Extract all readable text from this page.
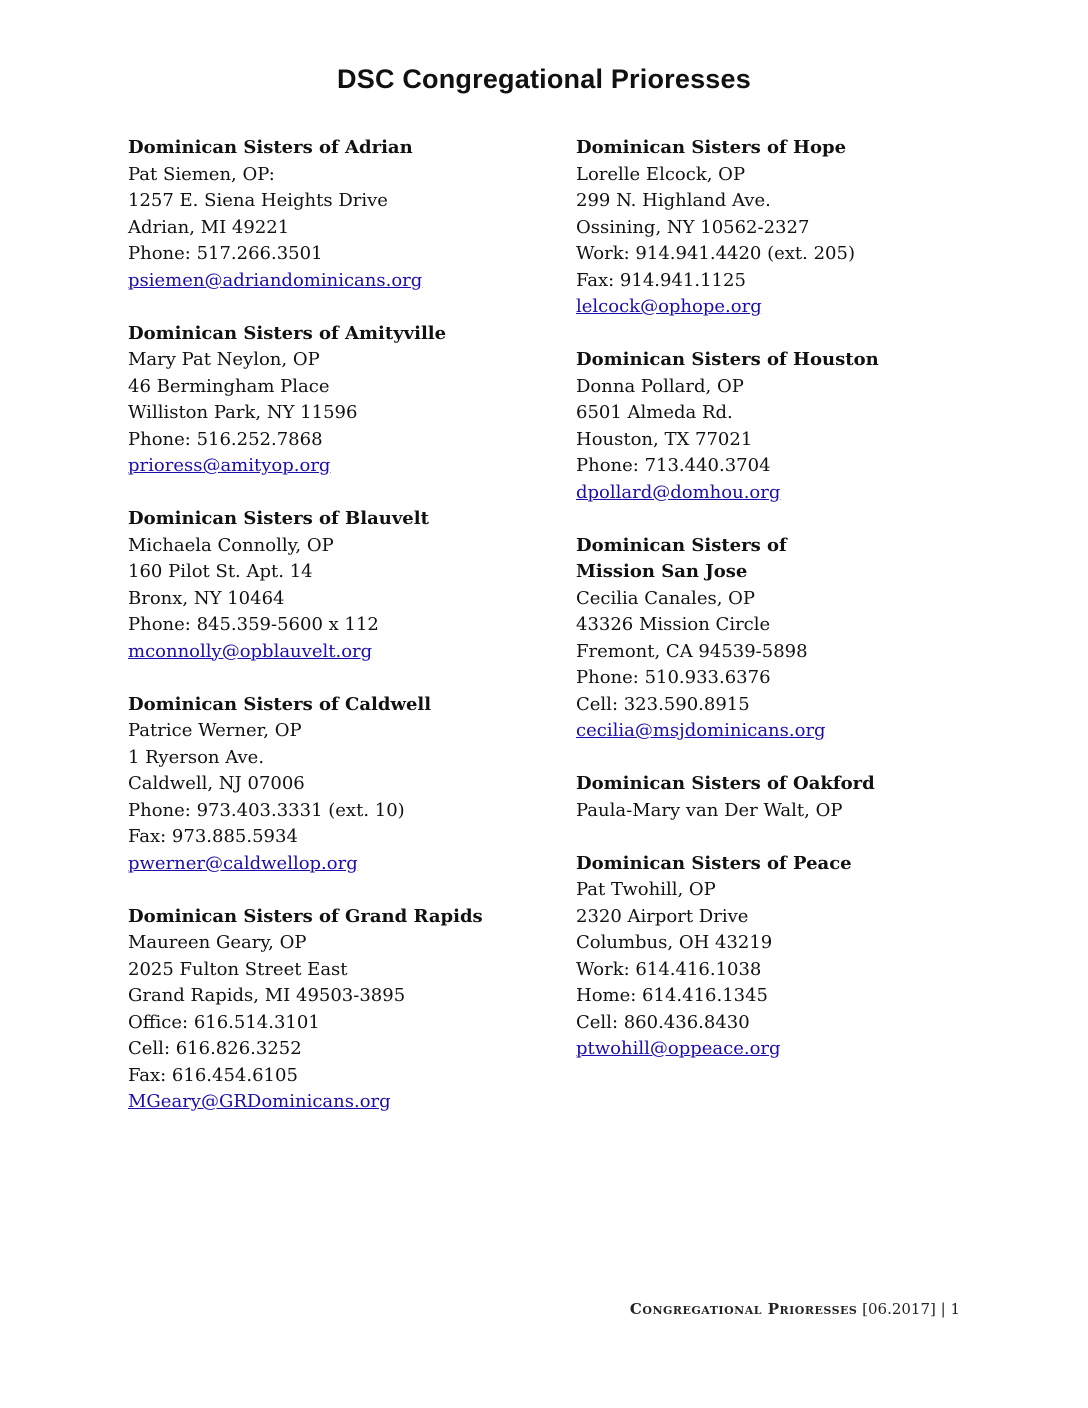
DSC Congregational Prioresses
Dominican Sisters of Adrian
Pat Siemen, OP:
1257 E. Siena Heights Drive
Adrian, MI 49221
Phone: 517.266.3501
psiemen@adriandominicans.org
Dominican Sisters of Amityville
Mary Pat Neylon, OP
46 Bermingham Place
Williston Park, NY 11596
Phone: 516.252.7868
prioress@amityop.org
Dominican Sisters of Blauvelt
Michaela Connolly, OP
160 Pilot St. Apt. 14
Bronx, NY 10464
Phone: 845.359-5600 x 112
mconnolly@opblauvelt.org
Dominican Sisters of Caldwell
Patrice Werner, OP
1 Ryerson Ave.
Caldwell, NJ 07006
Phone: 973.403.3331 (ext. 10)
Fax: 973.885.5934
pwerner@caldwellop.org
Dominican Sisters of Grand Rapids
Maureen Geary, OP
2025 Fulton Street East
Grand Rapids, MI 49503-3895
Office: 616.514.3101
Cell: 616.826.3252
Fax: 616.454.6105
MGeary@GRDominicans.org
Dominican Sisters of Hope
Lorelle Elcock, OP
299 N. Highland Ave.
Ossining, NY 10562-2327
Work: 914.941.4420 (ext. 205)
Fax: 914.941.1125
lelcock@ophope.org
Dominican Sisters of Houston
Donna Pollard, OP
6501 Almeda Rd.
Houston, TX 77021
Phone: 713.440.3704
dpollard@domhou.org
Dominican Sisters of
Mission San Jose
Cecilia Canales, OP
43326 Mission Circle
Fremont, CA 94539-5898
Phone: 510.933.6376
Cell: 323.590.8915
cecilia@msjdominicans.org
Dominican Sisters of Oakford
Paula-Mary van Der Walt, OP
Dominican Sisters of Peace
Pat Twohill, OP
2320 Airport Drive
Columbus, OH 43219
Work: 614.416.1038
Home: 614.416.1345
Cell: 860.436.8430
ptwohill@oppeace.org
Congregational Prioresses [06.2017] | 1
